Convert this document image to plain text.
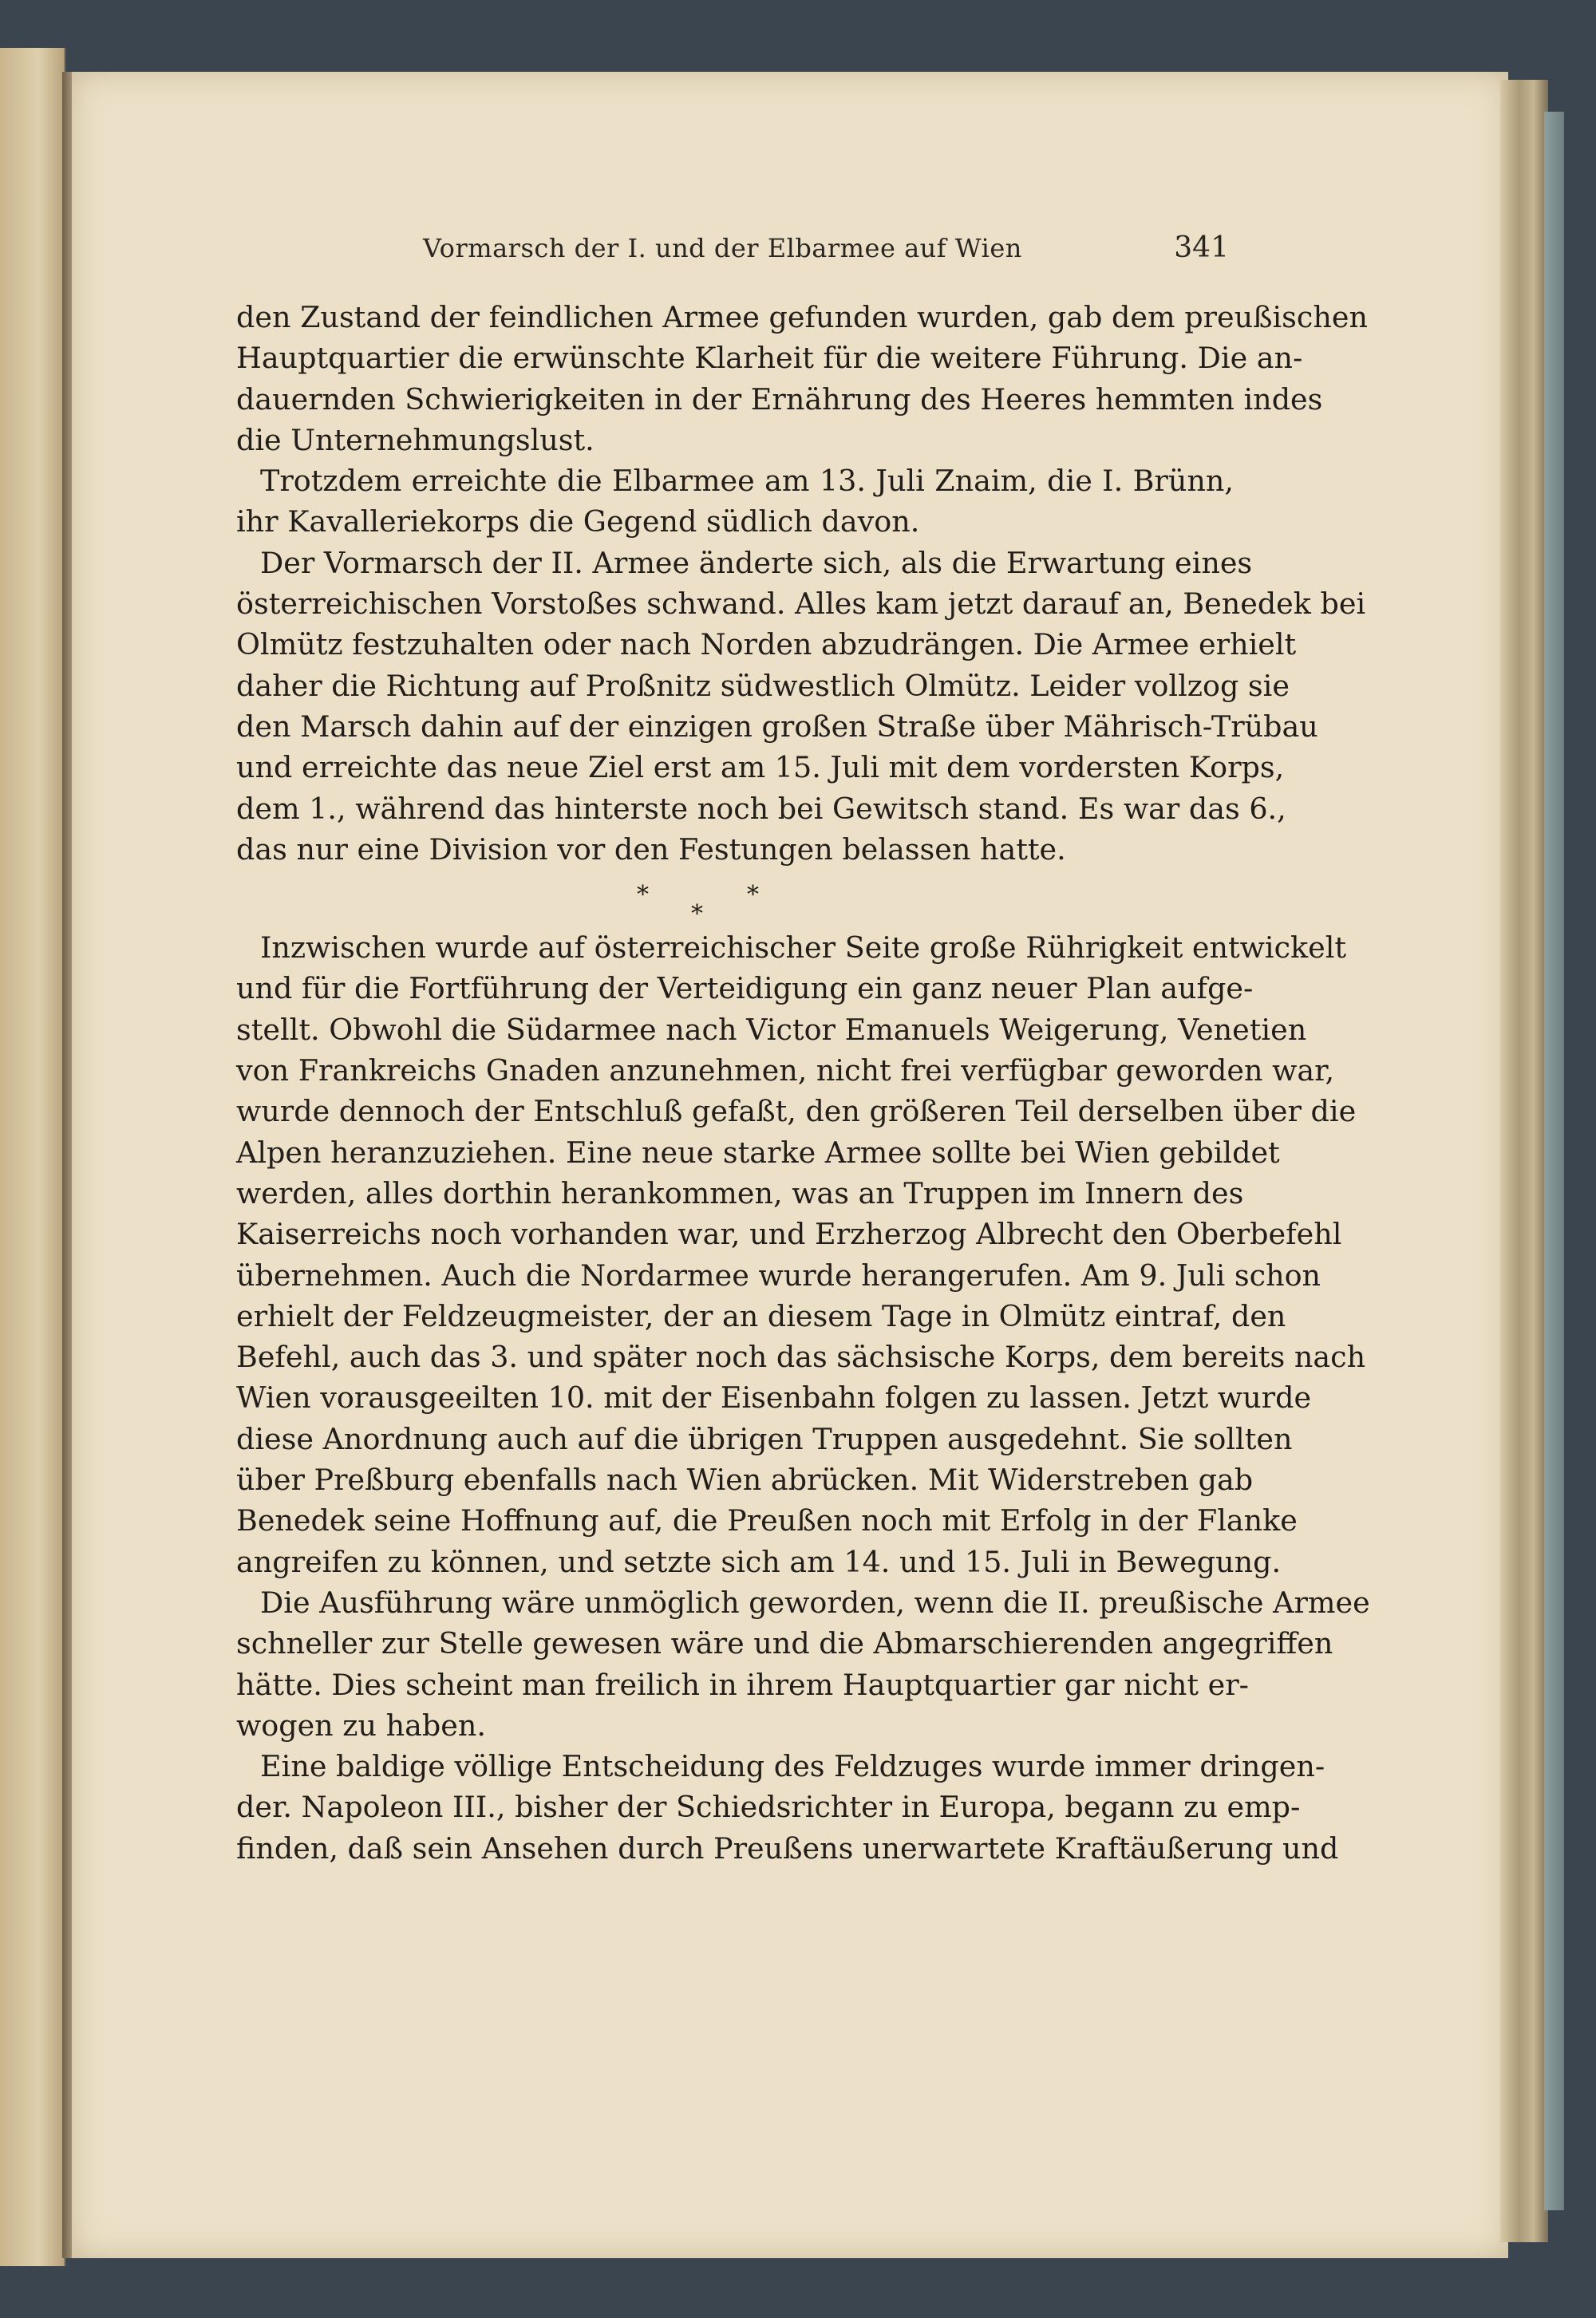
Vormarsch der I. und der Elbarmee auf Wien	341
den Zustand der feindlichen Armee gefunden wurden, gab dem preußischen
Hauptquartier die erwünschte Klarheit für die weitere Führung. Die an-
dauernden Schwierigkeiten in der Ernährung des Heeres hemmten indes
die Unternehmungslust.
Trotzdem erreichte die Elbarmee am 13. Juli Znaim, die I. Brünn,
ihr Kavalleriekorps die Gegend südlich davon.
Der Vormarsch der II. Armee änderte sich, als die Erwartung eines
österreichischen Vorstoßes schwand. Alles kam jetzt darauf an, Benedek bei
Olmütz festzuhalten oder nach Norden abzudrängen. Die Armee erhielt
daher die Richtung auf Proßnitz südwestlich Olmütz. Leider vollzog sie
den Marsch dahin auf der einzigen großen Straße über Mährisch-Trübau
und erreichte das neue Ziel erst am 15. Juli mit dem vordersten Korps,
dem 1., während das hinterste noch bei Gewitsch stand. Es war das 6.,
das nur eine Division vor den Festungen belassen hatte.
*
*
*
Inzwischen wurde auf österreichischer Seite große Rührigkeit entwickelt
und für die Fortführung der Verteidigung ein ganz neuer Plan aufge-
stellt. Obwohl die Südarmee nach Victor Emanuels Weigerung, Venetien
von Frankreichs Gnaden anzunehmen, nicht frei verfügbar geworden war,
wurde dennoch der Entschluß gefaßt, den größeren Teil derselben über die
Alpen heranzuziehen. Eine neue starke Armee sollte bei Wien gebildet
werden, alles dorthin herankommen, was an Truppen im Innern des
Kaiserreichs noch vorhanden war, und Erzherzog Albrecht den Oberbefehl
übernehmen. Auch die Nordarmee wurde herangerufen. Am 9. Juli schon
erhielt der Feldzeugmeister, der an diesem Tage in Olmütz eintraf, den
Befehl, auch das 3. und später noch das sächsische Korps, dem bereits nach
Wien vorausgeeilten 10. mit der Eisenbahn folgen zu lassen. Jetzt wurde
diese Anordnung auch auf die übrigen Truppen ausgedehnt. Sie sollten
über Preßburg ebenfalls nach Wien abrücken. Mit Widerstreben gab
Benedek seine Hoffnung auf, die Preußen noch mit Erfolg in der Flanke
angreifen zu können, und setzte sich am 14. und 15. Juli in Bewegung.
Die Ausführung wäre unmöglich geworden, wenn die II. preußische Armee
schneller zur Stelle gewesen wäre und die Abmarschierenden angegriffen
hätte. Dies scheint man freilich in ihrem Hauptquartier gar nicht er-
wogen zu haben.
Eine baldige völlige Entscheidung des Feldzuges wurde immer dringen-
der. Napoleon III., bisher der Schiedsrichter in Europa, begann zu emp-
finden, daß sein Ansehen durch Preußens unerwartete Kraftäußerung und
